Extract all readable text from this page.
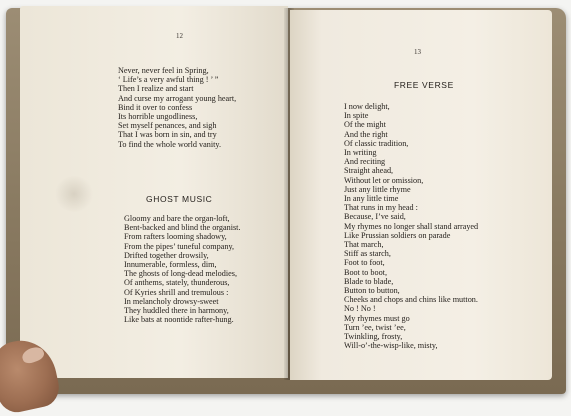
12
Never, never feel in Spring,
‘ Life’s a very awful thing ! ’ ”
Then I realize and start
And curse my arrogant young heart,
Bind it over to confess
Its horrible ungodliness,
Set myself penances, and sigh
That I was born in sin, and try
To find the whole world vanity.
GHOST MUSIC
Gloomy and bare the organ-loft,
Bent-backed and blind the organist.
From rafters looming shadowy,
From the pipes’ tuneful company,
Drifted together drowsily,
Innumerable, formless, dim,
The ghosts of long-dead melodies,
Of anthems, stately, thunderous,
Of Kyries shrill and tremulous :
In melancholy drowsy-sweet
They huddled there in harmony,
Like bats at noontide rafter-hung.
13
FREE VERSE
I now delight,
In spite
Of the might
And the right
Of classic tradition,
In writing
And reciting
Straight ahead,
Without let or omission,
Just any little rhyme
In any little time
That runs in my head :
Because, I’ve said,
My rhymes no longer shall stand arrayed
Like Prussian soldiers on parade
That march,
Stiff as starch,
Foot to foot,
Boot to boot,
Blade to blade,
Button to button,
Cheeks and chops and chins like mutton.
No ! No !
My rhymes must go
Turn ’ee, twist ’ee,
Twinkling, frosty,
Will-o’-the-wisp-like, misty,
